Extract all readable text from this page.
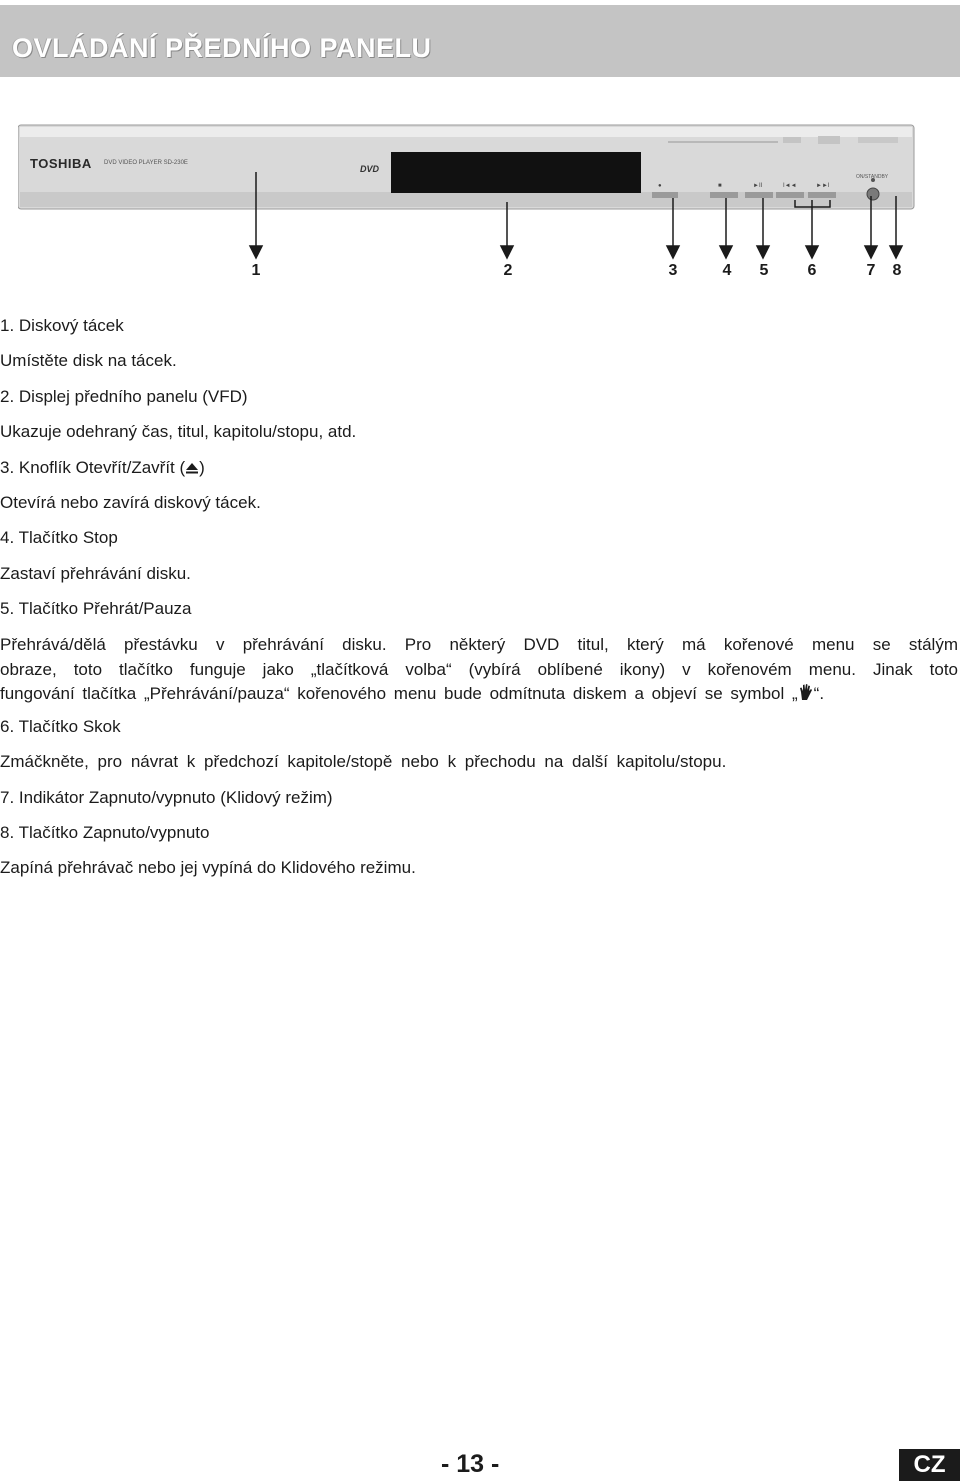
OVLÁDÁNÍ PŘEDNÍHO PANELU
●	■	►II	I◄◄	►►I
ON/STANDBY
TOSHIBA DVD VIDEO PLAYER SD-230E
DVD
1	2	3	4 5 6	7 8
1. Diskový tácek
Umístěte disk na tácek.
2. Displej předního panelu (VFD)
Ukazuje odehraný čas, titul, kapitolu/stopu, atd.
3. Knoflík Otevřít/Zavřít ( )
Otevírá nebo zavírá diskový tácek.
4. Tlačítko Stop
Zastaví přehrávání disku.
5. Tlačítko Přehrát/Pauza
Přehrává/dělá přestávku v přehrávání disku. Pro některý DVD titul, který má kořenové menu se stálým
obraze, toto tlačítko funguje jako „tlačítková volba“ (vybírá oblíbené ikony) v kořenovém menu. Jinak toto
fungování tlačítka „Přehrávání/pauza“ kořenového menu bude odmítnuta diskem a objeví se symbol „ “.
6. Tlačítko Skok
Zmáčkněte, pro návrat k předchozí kapitole/stopě nebo k přechodu na další kapitolu/stopu.
7. Indikátor Zapnuto/vypnuto (Klidový režim)
8. Tlačítko Zapnuto/vypnuto
Zapíná přehrávač nebo jej vypíná do Klidového režimu.
- 13 -	CZ
